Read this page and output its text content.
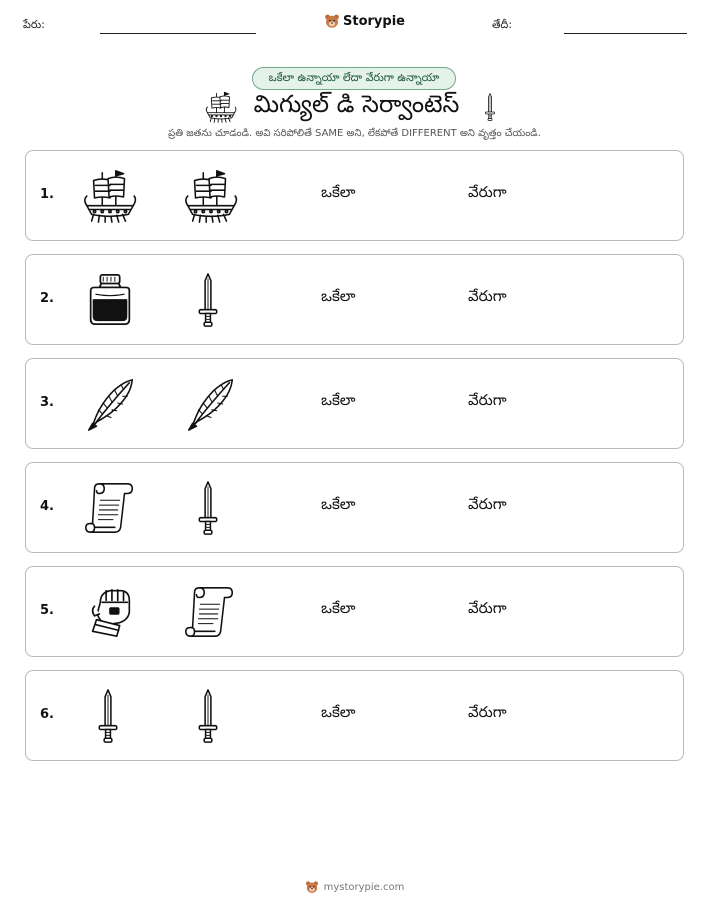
పేరు:	Storypie	తేదీ:
ఒకేలా ఉన్నాయా లేదా వేరుగా ఉన్నాయా
మిగ్యుల్ డి సెర్వాంటెస్
ప్రతి జతను చూడండి. అవి సరిపోలితే SAME అని, లేకపోతే DIFFERENT అని వృత్తం చేయండి.
1.	ఒకేలా	వేరుగా
2.	ఒకేలా	వేరుగా
3.	ఒకేలా	వేరుగా
4.	ఒకేలా	వేరుగా
5.	ఒకేలా	వేరుగా
6.	ఒకేలా	వేరుగా
mystorypie.com
